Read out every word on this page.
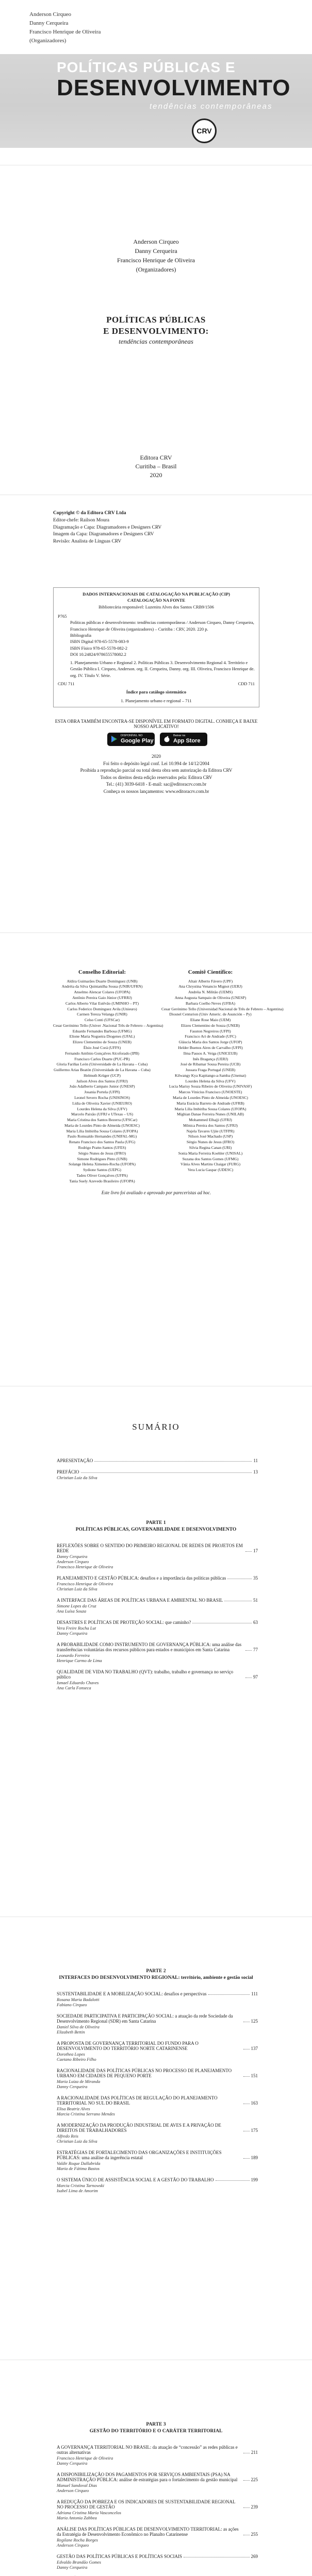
Anderson Cirqueo
Danny Cerqueira
Francisco Henrique de Oliveira
(Organizadores)
POLÍTICAS PÚBLICAS E
DESENVOLVIMENTO
tendências contemporâneas
CRV
Anderson Cirqueo
Danny Cerqueira
Francisco Henrique de Oliveira
(Organizadores)
POLÍTICAS PÚBLICAS
E DESENVOLVIMENTO:
tendências contemporâneas
Editora CRV
Curitiba – Brasil
2020
Copyright © da Editora CRV Ltda
Editor-chefe: Railson Moura
Diagramação e Capa: Diagramadores e Designers CRV
Imagem da Capa: Diagramadores e Designers CRV
Revisão: Analista de Línguas CRV
DADOS INTERNACIONAIS DE CATALOGAÇÃO NA PUBLICAÇÃO (CIP)
CATALOGAÇÃO NA FONTE
Bibliotecária responsável: Luzenira Alves dos Santos CRB9/1506
P765
Políticas públicas e desenvolvimento: tendências contemporâneas / Anderson Cirqueo, Danny Cerqueira, Francisco Henrique de Oliveira (organizadores) – Curitiba : CRV, 2020. 220 p.
Bibliografia
ISBN Digital 978-65-5578-083-9
ISBN Físico 978-65-5578-082-2
DOI 10.24824/978655578082.2
1. Planejamento Urbano e Regional 2. Políticas Públicas 3. Desenvolvimento Regional 4. Território e Gestão Pública I. Cirqueo, Anderson. org. II. Cerqueira, Danny. org. III. Oliveira, Francisco Henrique de. org. IV. Título V. Série.
CDU 711	CDD 711
Índice para catálogo sistemático
1. Planejamento urbano e regional – 711
ESTA OBRA TAMBÉM ENCONTRA-SE DISPONÍVEL EM FORMATO DIGITAL. CONHEÇA E BAIXE NOSSO APLICATIVO!
DISPONÍVEL NO
Google Play
Baixar na
App Store
2020
Foi feito o depósito legal conf. Lei 10.994 de 14/12/2004
Proibida a reprodução parcial ou total desta obra sem autorização da Editora CRV
Todos os direitos desta edição reservados pela: Editora CRV
Tel.: (41) 3039-6418 - E-mail: sac@editoracrv.com.br
Conheça os nossos lançamentos: www.editoracrv.com.br
Conselho Editorial:
Aldira Guimarães Duarte Domínguez (UNB)
Andréia da Silva Quintanilha Sousa (UNIR/UFRN)
Anselmo Alencar Colares (UFOPA)
Antônio Pereira Gaio Júnior (UFRRJ)
Carlos Alberto Vilar Estêvão (UMINHO – PT)
Carlos Federico Dominguez Avila (Unieuro)
Carmen Tereza Velanga (UNIR)
Celso Conti (UFSCar)
Cesar Gerónimo Tello (Univer .Nacional Três de Febrero – Argentina)
Eduardo Fernandes Barbosa (UFMG)
Elione Maria Nogueira Diogenes (UFAL)
Elizeu Clementino de Souza (UNEB)
Élsio José Corá (UFFS)
Fernando Antônio Gonçalves Alcoforado (IPB)
Francisco Carlos Duarte (PUC-PR)
Gloria Fariñas León (Universidade de La Havana – Cuba)
Guillermo Arias Beatón (Universidade de La Havana – Cuba)
Helmuth Krüger (UCP)
Jailson Alves dos Santos (UFRJ)
João Adalberto Campato Junior (UNESP)
Josania Portela (UFPI)
Leonel Severo Rocha (UNISINOS)
Lídia de Oliveira Xavier (UNIEURO)
Lourdes Helena da Silva (UFV)
Marcelo Paixão (UFRJ e UTexas – US)
Maria Cristina dos Santos Bezerra (UFSCar)
Maria de Lourdes Pinto de Almeida (UNOESC)
Maria Lília Imbiriba Sousa Colares (UFOPA)
Paulo Romualdo Hernandes (UNIFAL-MG)
Renato Francisco dos Santos Paula (UFG)
Rodrigo Pratte-Santos (UFES)
Sérgio Nunes de Jesus (IFRO)
Simone Rodrigues Pinto (UNB)
Solange Helena Ximenes-Rocha (UFOPA)
Sydione Santos (UEPG)
Tadeu Oliver Gonçalves (UFPA)
Tania Suely Azevedo Brasileiro (UFOPA)
Comitê Científico:
Altair Alberto Fávero (UPF)
Ana Chrystina Venancio Mignot (UERJ)
Andréia N. Militão (UEMS)
Anna Augusta Sampaio de Oliveira (UNESP)
Barbara Coelho Neves (UFBA)
Cesar Gerónimo Tello (Universidad Nacional de Três de Febrero – Argentina)
Diosnel Centurion (Univ Americ. de Asunción – Py)
Eliane Rose Maio (UEM)
Elizeu Clementino de Souza (UNEB)
Fauston Negreiros (UFPI)
Francisco Ari de Andrade (UFC)
Gláucia Maria dos Santos Jorge (UFOP)
Helder Buenos Aires de Carvalho (UFPI)
Ilma Passos A. Veiga (UNICEUB)
Inês Bragança (UERJ)
José de Ribamar Sousa Pereira (UCB)
Jussara Fraga Portugal (UNEB)
Kilwangy Kya Kapitango-a-Samba (Unemat)
Lourdes Helena da Silva (UFV)
Lucia Marisy Souza Ribeiro de Oliveira (UNIVASF)
Marcos Vinicius Francisco (UNOESTE)
Maria de Lourdes Pinto de Almeida (UNOESC)
Maria Eurácia Barreto de Andrade (UFRB)
Maria Lília Imbiriba Sousa Colares (UFOPA)
Míghian Danae Ferreira Nunes (UNILAB)
Mohammed Elhajji (UFRJ)
Mônica Pereira dos Santos (UFRJ)
Najela Tavares Ujiie (UTFPR)
Nilson José Machado (USP)
Sérgio Nunes de Jesus (IFRO)
Silvia Regina Canan (URI)
Sonia Maria Ferreira Koehler (UNISAL)
Suzana dos Santos Gomes (UFMG)
Vânia Alves Martins Chaigar (FURG)
Vera Lucia Gaspar (UDESC)
Este livro foi avaliado e aprovado por pareceristas ad hoc.
SUMÁRIO
APRESENTAÇÃO	11
PREFÁCIO	13
Christian Luiz da Silva
PARTE 1
POLÍTICAS PÚBLICAS, GOVERNABILIDADE E DESENVOLVIMENTO
REFLEXÕES SOBRE O SENTIDO DO PRIMEIRO REGIONAL DE REDES DE PROJETOS EM REDE	17
Danny Cerqueira
Anderson Cirqueo
Francisco Henrique de Oliveira
PLANEJAMENTO E GESTÃO PÚBLICA: desafios e a importância das políticas públicas	35
Francisco Henrique de Oliveira
Christian Luiz da Silva
A INTERFACE DAS ÁREAS DE POLÍTICAS URBANA E AMBIENTAL NO BRASIL	51
Simone Lopes da Cruz
Ana Luísa Souza
DESASTRES E POLÍTICAS DE PROTEÇÃO SOCIAL: que caminho?	63
Vera Freire Rocha Lut
Danny Cerqueira
A PROBABILIDADE COMO INSTRUMENTO DE GOVERNANÇA PÚBLICA: uma análise das transferências voluntárias dos recursos públicos para estados e municípios em Santa Catarina	77
Leonardo Ferreira
Henrique Carmo de Lima
QUALIDADE DE VIDA NO TRABALHO (QVT): trabalho, trabalho e governança no serviço público	97
Ismael Eduardo Chaves
Ana Carla Fonseca
PARTE 2
INTERFACES DO DESENVOLVIMENTO REGIONAL: território, ambiente e gestão social
SUSTENTABILIDADE E A MOBILIZAÇÃO SOCIAL: desafios e perspectivas	111
Rosana Maria Badalotti
Fabiano Cirqueo
SOCIEDADE PARTICIPATIVA E PARTICIPAÇÃO SOCIAL: a atuação da rede Sociedade da Desenvolvimento Regional (SDR) em Santa Catarina	125
Daniel Silva de Oliveira
Elizabeth Bettin
A PROPOSTA DE GOVERNANÇA TERRITORIAL DO FUNDO PARA O DESENVOLVIMENTO DO TERRITÓRIO NORTE CATARINENSE	137
Dorothea Lopes
Caetano Ribeiro Filho
RACIONALIDADE DAS POLÍTICAS PÚBLICAS NO PROCESSO DE PLANEJAMENTO URBANO EM CIDADES DE PEQUENO PORTE	151
Maria Luiza de Miranda
Danny Cerqueira
A RACIONALIDADE DAS POLÍTICAS DE REGULAÇÃO DO PLANEJAMENTO TERRITORIAL NO SUL DO BRASIL	163
Elisa Beatriz Alves
Marcia Cristina Serrano Mendes
A MODERNIZAÇÃO DA PRODUÇÃO INDUSTRIAL DE AVES E A PRIVAÇÃO DE DIREITOS DE TRABALHADORES	175
Alfredo Reis
Christian Luiz da Silva
ESTRATÉGIAS DE FORTALECIMENTO DAS ORGANIZAÇÕES E INSTITUIÇÕES PÚBLICAS: uma análise da ingerência estatal	189
Valdir Roque Dallabrida
Maria de Fátima Bastos
O SISTEMA ÚNICO DE ASSISTÊNCIA SOCIAL E A GESTÃO DO TRABALHO	199
Marcia Cristina Tarnowski
Isabel Lima de Amorim
PARTE 3
GESTÃO DO TERRITÓRIO E O CARÁTER TERRITORIAL
A GOVERNANÇA TERRITORIAL NO BRASIL: da atuação de “concessão” as redes públicas e outras alternativas	211
Francisco Henrique de Oliveira
Danny Cerqueira
A DISPONIBILIZAÇÃO DOS PAGAMENTOS POR SERVIÇOS AMBIENTAIS (PSA) NA ADMINISTRAÇÃO PÚBLICA: análise de estratégias para o fortalecimento da gestão municipal	225
Manuel Sandoval Dias
Anderson Cirqueo
A REDUÇÃO DA POBREZA E OS INDICADORES DE SUSTENTABILIDADE REGIONAL NO PROCESSO DE GESTÃO	239
Adriana Cristina Maria Vasconcelos
Maria Antonia Zabbea
ANÁLISE DAS POLÍTICAS PÚBLICAS DE DESENVOLVIMENTO TERRITORIAL: as ações da Estratégia de Desenvolvimento Econômico no Planalto Catarinense	255
Regilane Rocha Borges
Anderson Cirqueo
GESTÃO DAS POLÍTICAS PÚBLICAS E POLÍTICAS SOCIAIS	269
Edvaldo Brandão Gomes
Danny Cerqueira
